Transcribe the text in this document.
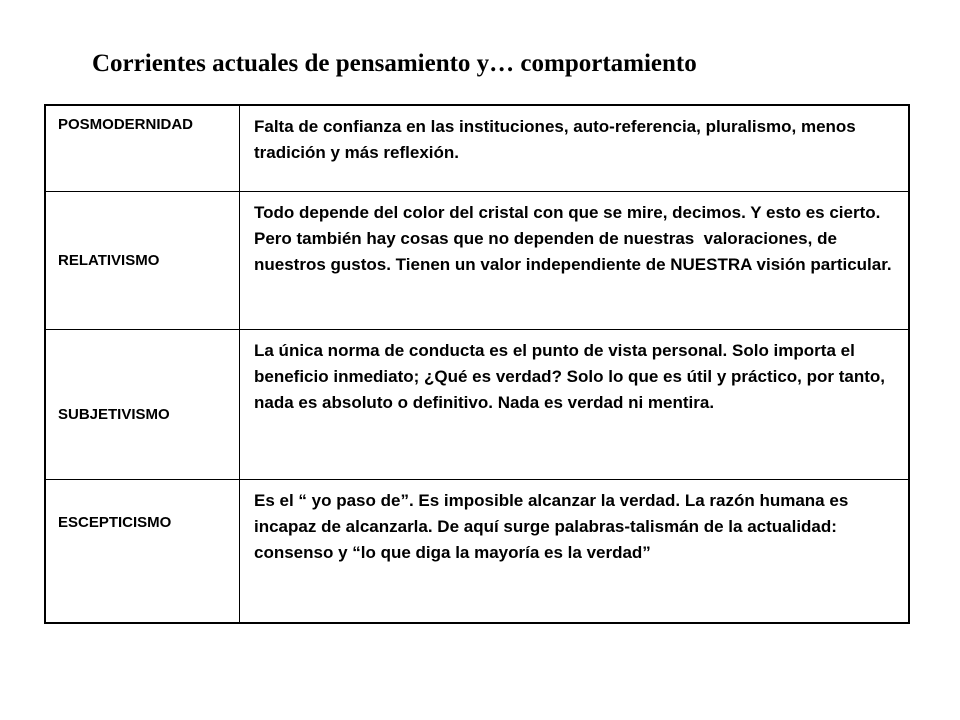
Corrientes actuales de pensamiento y… comportamiento
POSMODERNIDAD	Falta de confianza en las instituciones, auto-referencia, pluralismo, menos tradición y más reflexión.
RELATIVISMO
Todo depende del color del cristal con que se mire, decimos. Y esto es cierto. Pero también hay cosas que no dependen de nuestras  valoraciones, de nuestros gustos. Tienen un valor independiente de NUESTRA visión particular.
SUBJETIVISMO
La única norma de conducta es el punto de vista personal. Solo importa el beneficio inmediato; ¿Qué es verdad? Solo lo que es útil y práctico, por tanto, nada es absoluto o definitivo. Nada es verdad ni mentira.
ESCEPTICISMO
Es el “ yo paso de”. Es imposible alcanzar la verdad. La razón humana es incapaz de alcanzarla. De aquí surge palabras-talismán de la actualidad: consenso y “lo que diga la mayoría es la verdad”
